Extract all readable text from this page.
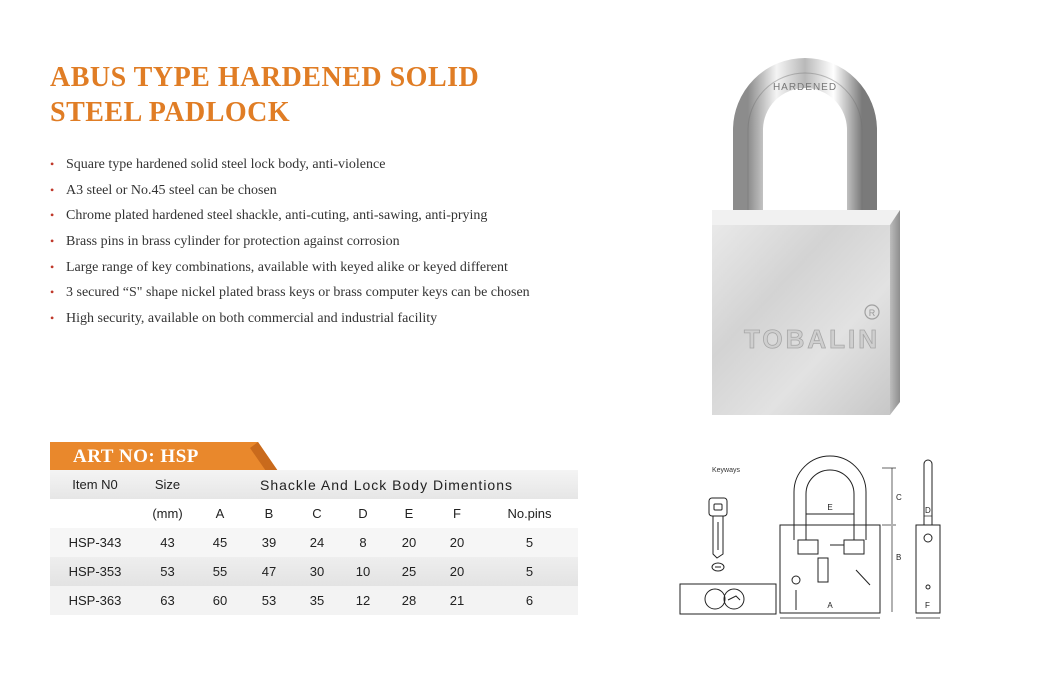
ABUS TYPE HARDENED SOLID
STEEL PADLOCK
• Square type hardened solid steel lock body, anti-violence
• A3 steel or No.45 steel can be chosen
• Chrome plated hardened steel shackle, anti-cuting, anti-sawing, anti-prying
• Brass pins in brass cylinder for protection against corrosion
• Large range of key combinations, available with keyed alike or keyed different
• 3 secured “S" shape nickel plated brass keys or brass computer keys can be chosen
• High security, available on both commercial and industrial facility
ART NO: HSP
Item N0	Size	Shackle And Lock Body Dimentions						
	(mm)	A	B	C	D	E	F	No.pins
HSP-343	43	45	39	24	8	20	20	5
HSP-353	53	55	47	30	10	25	20	5
HSP-363	63	60	53	35	12	28	21	6
HARDENED
TOBALIN
R
Keyways
E
A
C
B
D
F
